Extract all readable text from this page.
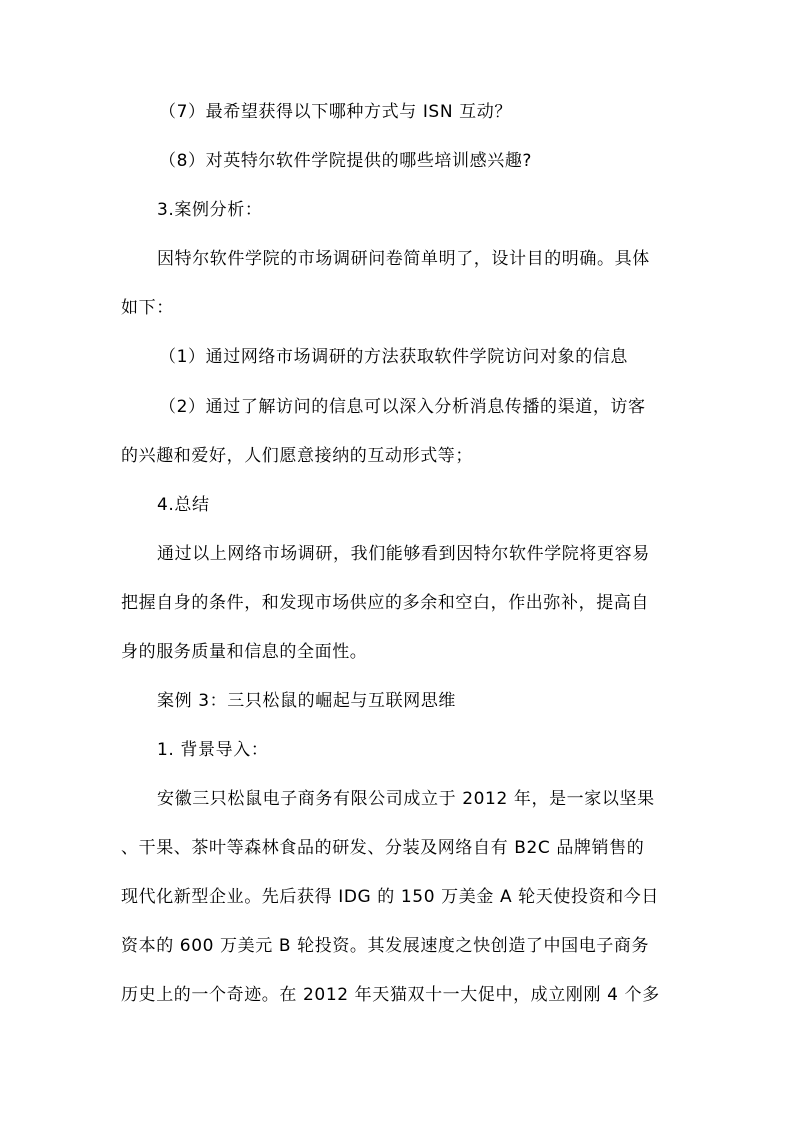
（7）最希望获得以下哪种方式与 ISN 互动？
（8）对英特尔软件学院提供的哪些培训感兴趣?
3.案例分析：
因特尔软件学院的市场调研问卷简单明了，设计目的明确。具体
如下：
（1）通过网络市场调研的方法获取软件学院访问对象的信息
（2）通过了解访问的信息可以深入分析消息传播的渠道，访客
的兴趣和爱好，人们愿意接纳的互动形式等；
4.总结
通过以上网络市场调研，我们能够看到因特尔软件学院将更容易
把握自身的条件，和发现市场供应的多余和空白，作出弥补，提高自
身的服务质量和信息的全面性。
案例 3：三只松鼠的崛起与互联网思维
1. 背景导入：
安徽三只松鼠电子商务有限公司成立于 2012 年，是一家以坚果
、干果、茶叶等森林食品的研发、分装及网络自有 B2C 品牌销售的
现代化新型企业。先后获得 IDG 的 150 万美金 A 轮天使投资和今日
资本的 600 万美元 B 轮投资。其发展速度之快创造了中国电子商务
历史上的一个奇迹。在 2012 年天猫双十一大促中，成立刚刚 4 个多
